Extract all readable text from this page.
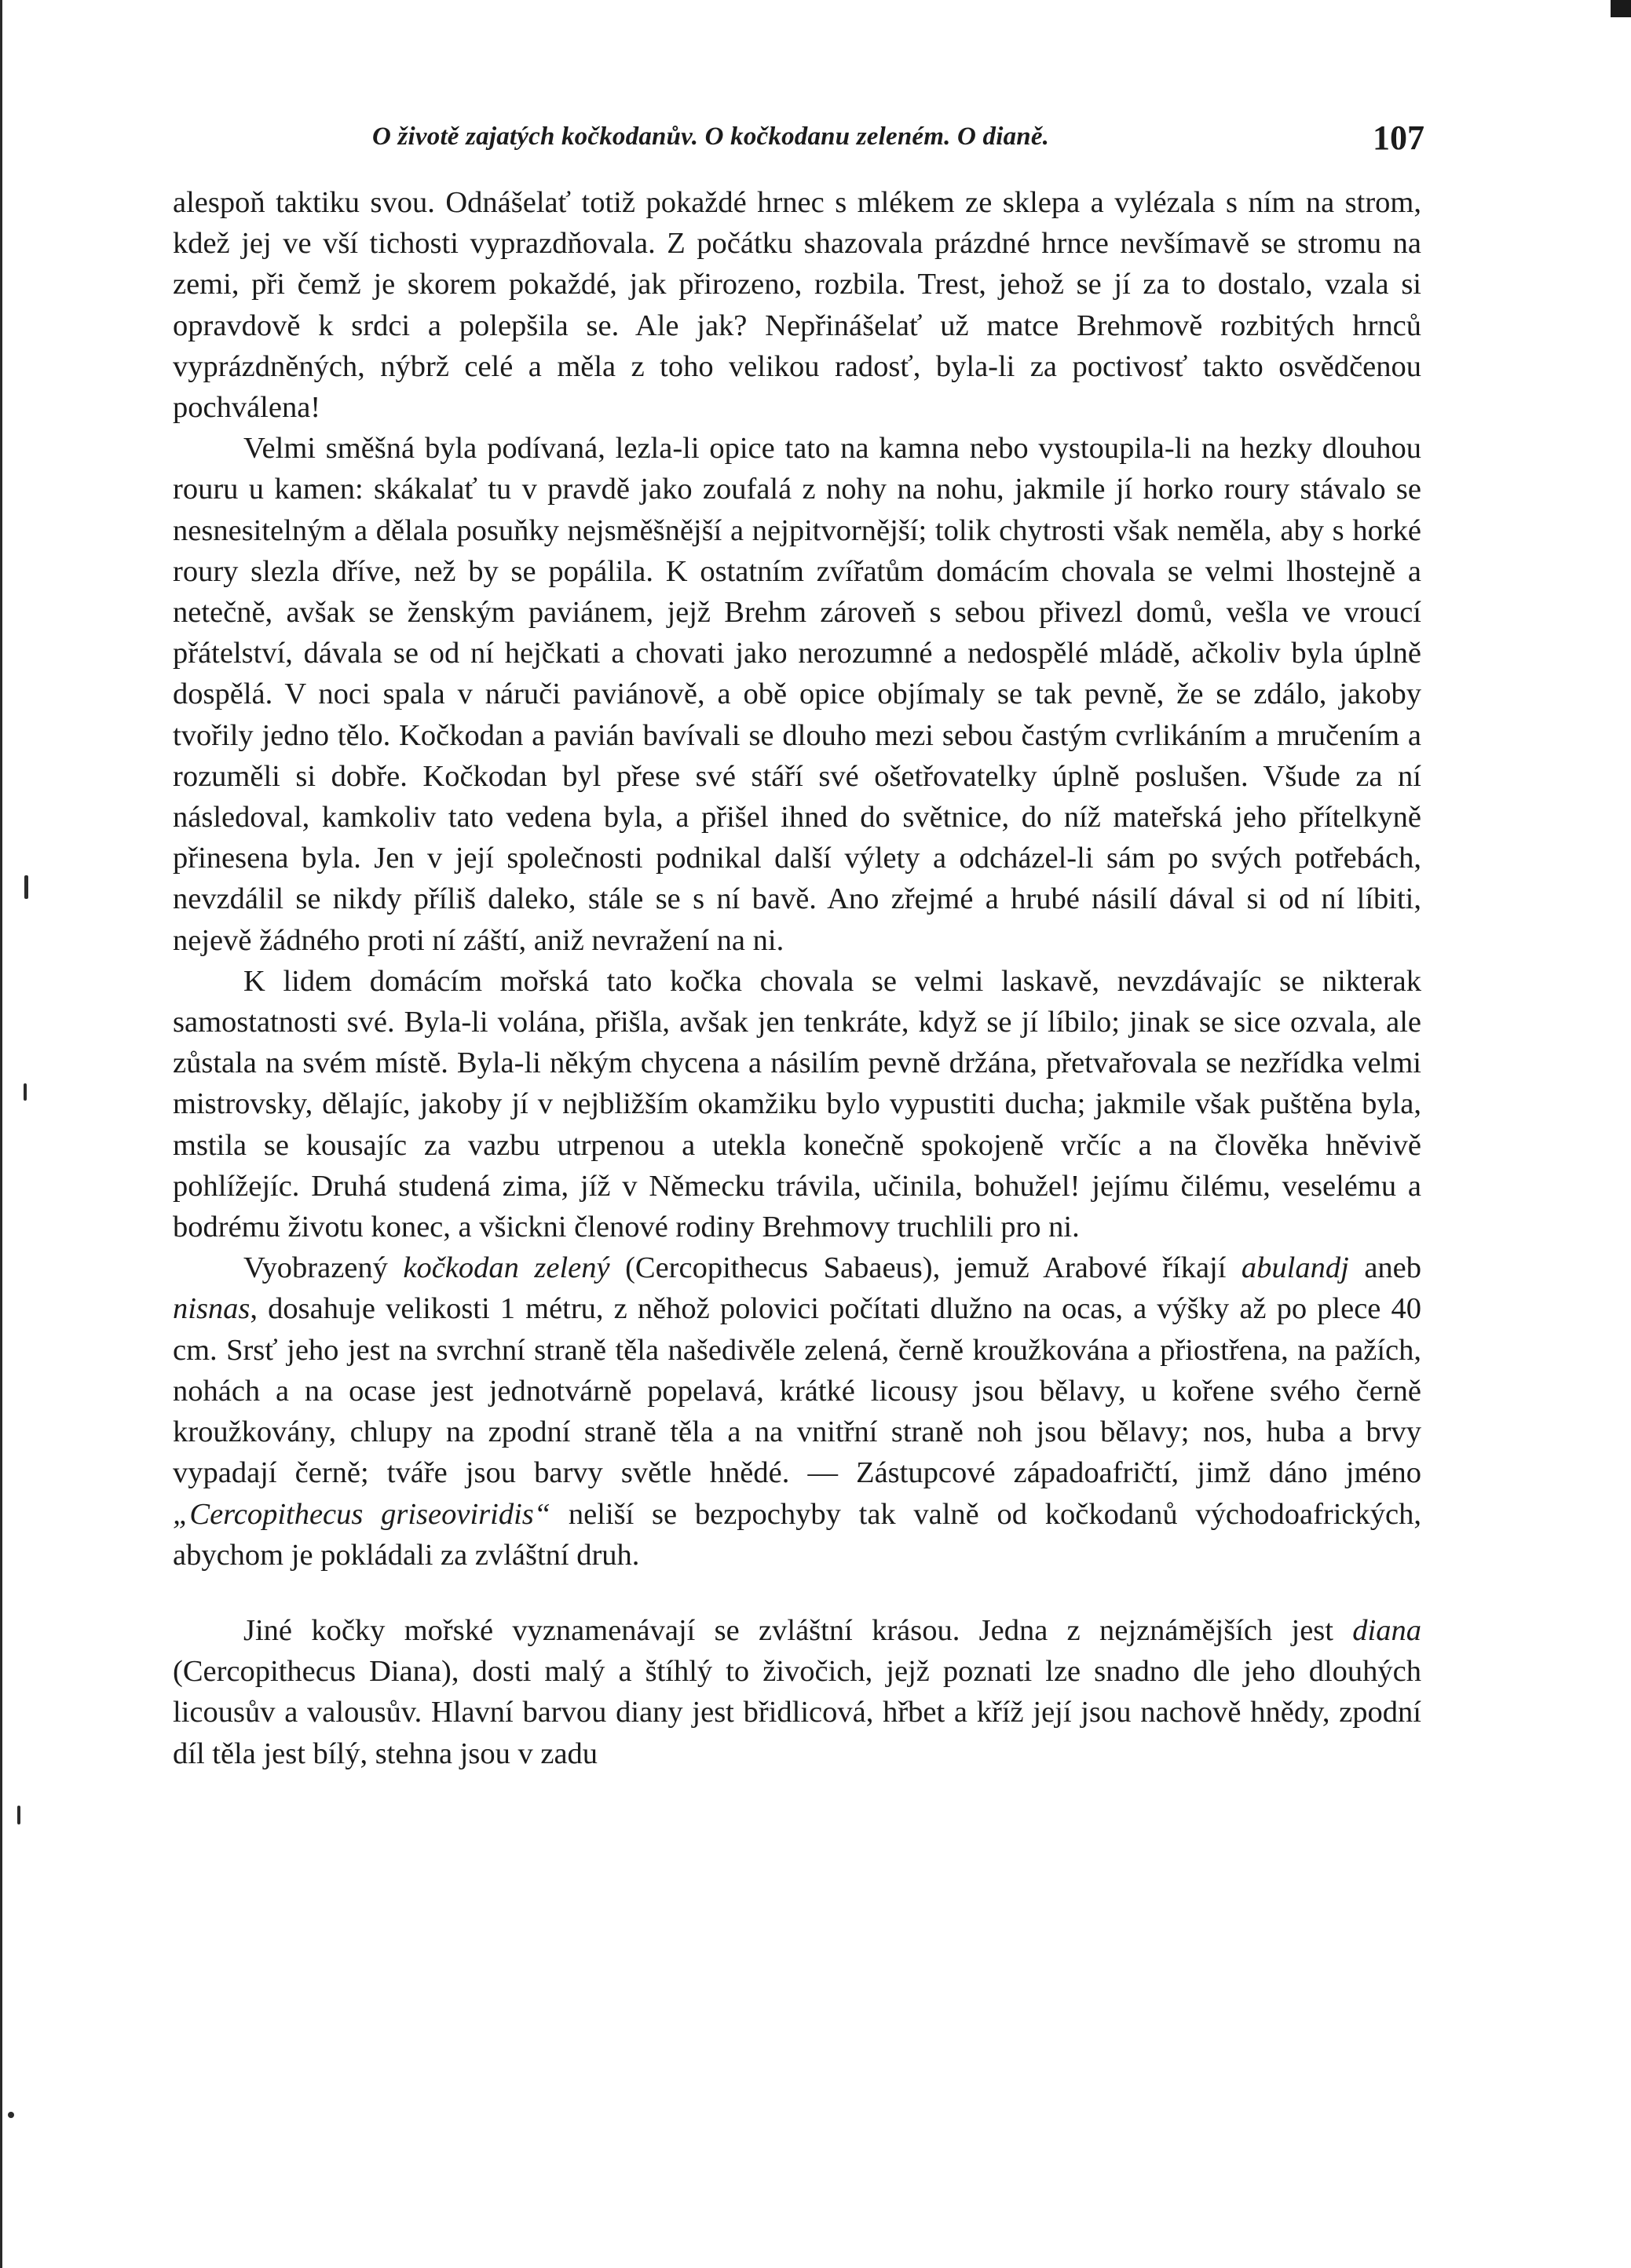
O životě zajatých kočkodanův. O kočkodanu zeleném. O dianě.	107

alespoň taktiku svou. Odnášelať totiž pokaždé hrnec s mlékem ze sklepa a vylézala s ním na strom, kdež jej ve vší tichosti vyprazdňovala. Z počátku shazovala prázdné hrnce nevšímavě se stromu na zemi, při čemž je skorem pokaždé, jak přirozeno, rozbila. Trest, jehož se jí za to dostalo, vzala si opravdově k srdci a polepšila se. Ale jak? Nepřinášelať už matce Brehmově rozbitých hrnců vyprázdněných, nýbrž celé a měla z toho velikou radosť, byla-li za poctivosť takto osvědčenou pochválena!

Velmi směšná byla podívaná, lezla-li opice tato na kamna nebo vystoupila-li na hezky dlouhou rouru u kamen: skákalať tu v pravdě jako zoufalá z nohy na nohu, jakmile jí horko roury stávalo se nesnesitelným a dělala posuňky nejsměšnější a nejpitvornější; tolik chytrosti však neměla, aby s horké roury slezla dříve, než by se popálila. K ostatním zvířatům domácím chovala se velmi lhostejně a netečně, avšak se ženským paviánem, jejž Brehm zároveň s sebou přivezl domů, vešla ve vroucí přátelství, dávala se od ní hejčkati a chovati jako nerozumné a nedospělé mládě, ačkoliv byla úplně dospělá. V noci spala v náruči paviánově, a obě opice objímaly se tak pevně, že se zdálo, jakoby tvořily jedno tělo. Kočkodan a pavián bavívali se dlouho mezi sebou častým cvrlikáním a mručením a rozuměli si dobře. Kočkodan byl přese své stáří své ošetřovatelky úplně poslušen. Všude za ní následoval, kamkoliv tato vedena byla, a přišel ihned do světnice, do níž mateřská jeho přítelkyně přinesena byla. Jen v její společnosti podnikal další výlety a odcházel-li sám po svých potřebách, nevzdálil se nikdy příliš daleko, stále se s ní bavě. Ano zřejmé a hrubé násilí dával si od ní líbiti, nejevě žádného proti ní záští, aniž nevražení na ni.

K lidem domácím mořská tato kočka chovala se velmi laskavě, nevzdávajíc se nikterak samostatnosti své. Byla-li volána, přišla, avšak jen tenkráte, když se jí líbilo; jinak se sice ozvala, ale zůstala na svém místě. Byla-li někým chycena a násilím pevně držána, přetvařovala se nezřídka velmi mistrovsky, dělajíc, jakoby jí v nejbližším okamžiku bylo vypustiti ducha; jakmile však puštěna byla, mstila se kousajíc za vazbu utrpenou a utekla konečně spokojeně vrčíc a na člověka hněvivě pohlížejíc. Druhá studená zima, jíž v Německu trávila, učinila, bohužel! jejímu čilému, veselému a bodrému životu konec, a všickni členové rodiny Brehmovy truchlili pro ni.

Vyobrazený kočkodan zelený (Cercopithecus Sabaeus), jemuž Arabové říkají abulandj aneb nisnas, dosahuje velikosti 1 métru, z něhož polovici počítati dlužno na ocas, a výšky až po plece 40 cm. Srsť jeho jest na svrchní straně těla našedivěle zelená, černě kroužkována a přiostřena, na pažích, nohách a na ocase jest jednotvárně popelavá, krátké licousy jsou bělavy, u kořene svého černě kroužkovány, chlupy na zpodní straně těla a na vnitřní straně noh jsou bělavy; nos, huba a brvy vypadají černě; tváře jsou barvy světle hnědé. — Zástupcové západoafričtí, jimž dáno jméno „Cercopithecus griseoviridis“ neliší se bezpochyby tak valně od kočkodanů východoafrických, abychom je pokládali za zvláštní druh.

Jiné kočky mořské vyznamenávají se zvláštní krásou. Jedna z nejznámějších jest diana (Cercopithecus Diana), dosti malý a štíhlý to živočich, jejž poznati lze snadno dle jeho dlouhých licousův a valousův. Hlavní barvou diany jest břidlicová, hřbet a kříž její jsou nachově hnědy, zpodní díl těla jest bílý, stehna jsou v zadu
